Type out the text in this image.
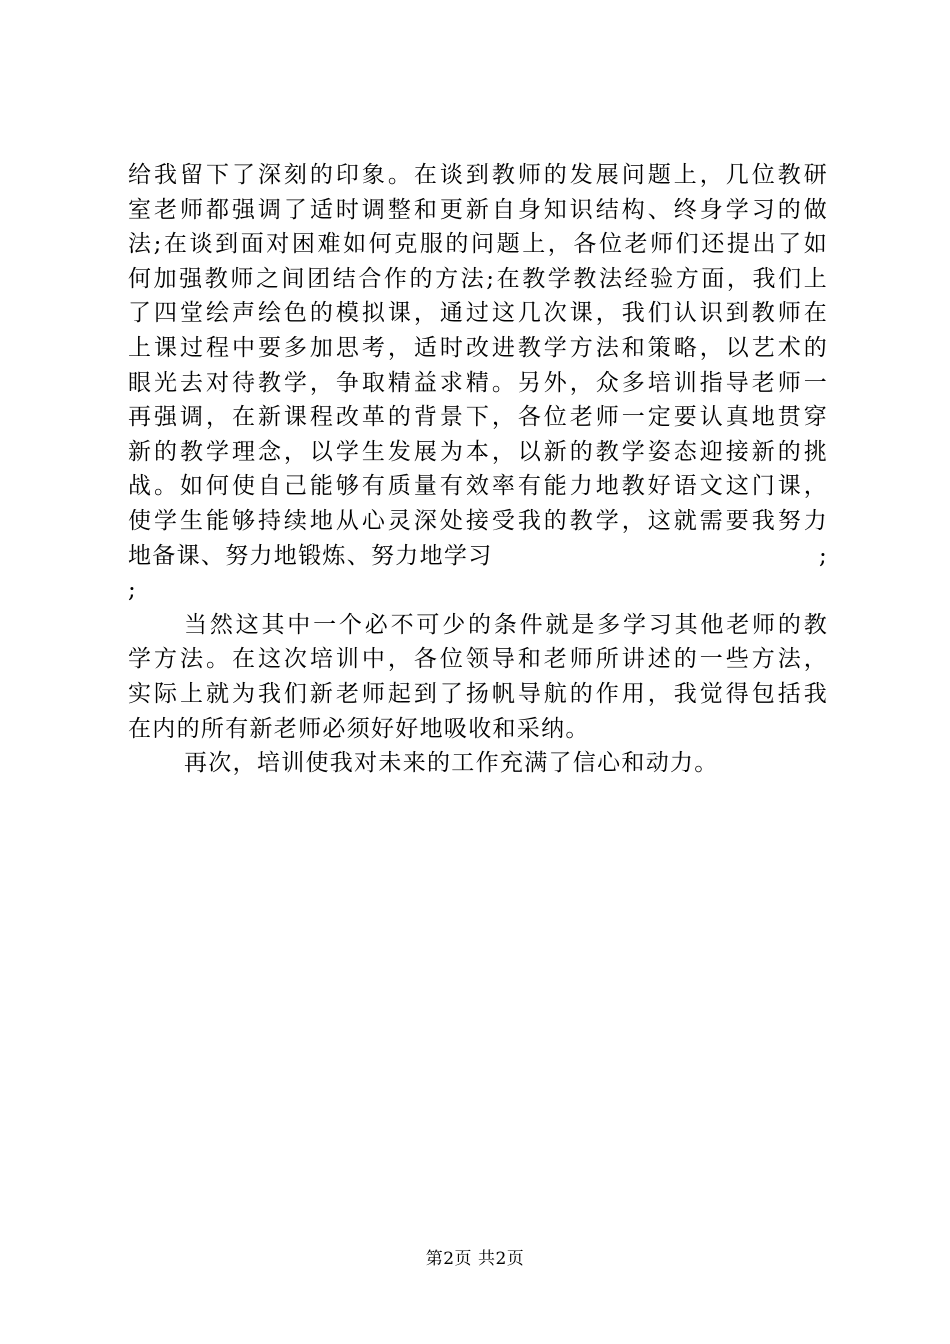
给我留下了深刻的印象。在谈到教师的发展问题上，几位教研
室老师都强调了适时调整和更新自身知识结构、终身学习的做
法;在谈到面对困难如何克服的问题上，各位老师们还提出了如
何加强教师之间团结合作的方法;在教学教法经验方面，我们上
了四堂绘声绘色的模拟课，通过这几次课，我们认识到教师在
上课过程中要多加思考，适时改进教学方法和策略，以艺术的
眼光去对待教学，争取精益求精。另外，众多培训指导老师一
再强调，在新课程改革的背景下，各位老师一定要认真地贯穿
新的教学理念，以学生发展为本，以新的教学姿态迎接新的挑
战。如何使自己能够有质量有效率有能力地教好语文这门课，
使学生能够持续地从心灵深处接受我的教学，这就需要我努力
地备课、努力地锻炼、努力地学习	;
;
当然这其中一个必不可少的条件就是多学习其他老师的教
学方法。在这次培训中，各位领导和老师所讲述的一些方法，
实际上就为我们新老师起到了扬帆导航的作用，我觉得包括我
在内的所有新老师必须好好地吸收和采纳。
再次，培训使我对未来的工作充满了信心和动力。
第2页 共2页
